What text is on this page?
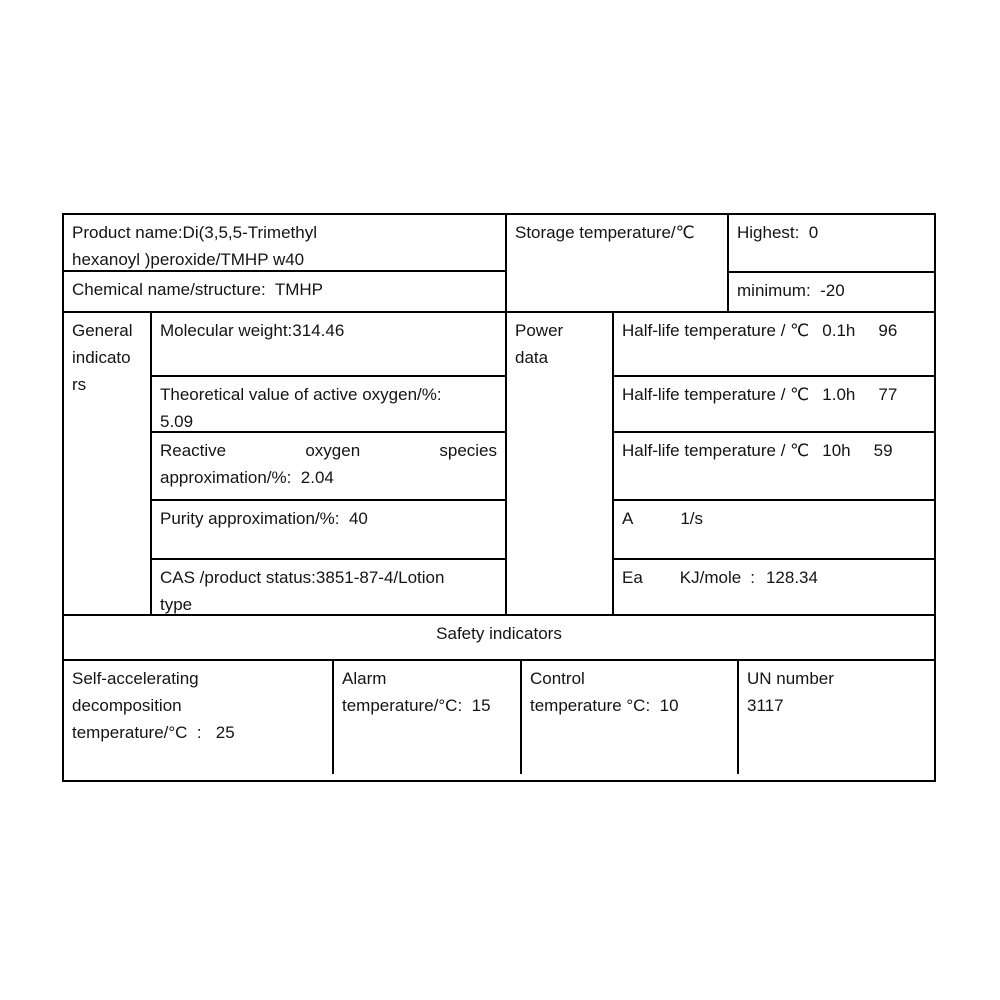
Product name:Di(3,5,5-Trimethyl
hexanoyl )peroxide/TMHP w40
Chemical name/structure:  TMHP
Storage temperature/℃	Highest:  0
minimum:  -20
General
indicato
rs
Molecular weight:314.46
Theoretical value of active oxygen/%:
5.09
Reactive oxygen species
approximation/%:  2.04
Purity approximation/%:  40
CAS /product status:3851-87-4/Lotion
type
Power
data
Half-life temperature / ℃ 0.1h 96
Half-life temperature / ℃ 1.0h 77
Half-life temperature / ℃ 10h 59
A	1/s
Ea KJ/mole : 128.34
Safety indicators
Self-accelerating
decomposition
temperature/°C  :   25
Alarm
temperature/°C:  15
Control
temperature °C:  10
UN number
3117
